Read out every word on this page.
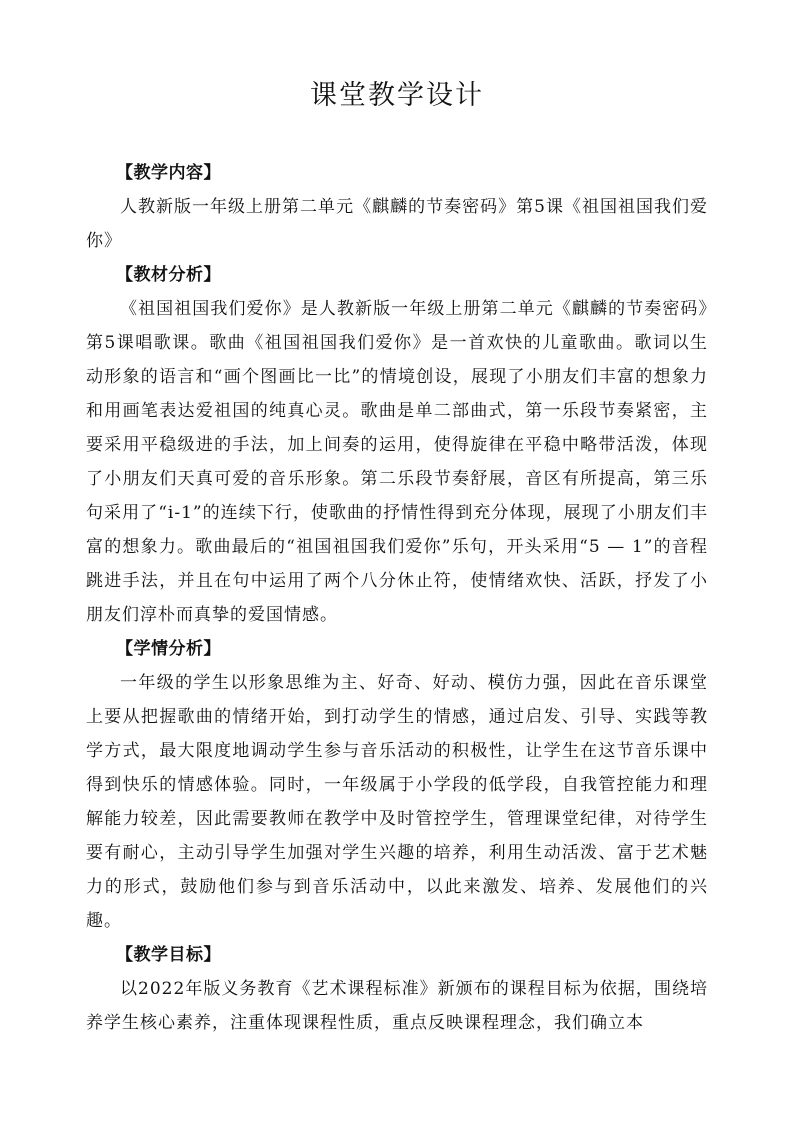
课堂教学设计
【教学内容】

人教新版一年级上册第二单元《麒麟的节奏密码》第5课《祖国祖国我们爱你》

【教材分析】

《祖国祖国我们爱你》是人教新版一年级上册第二单元《麒麟的节奏密码》第5课唱歌课。歌曲《祖国祖国我们爱你》是一首欢快的儿童歌曲。歌词以生动形象的语言和“画个图画比一比”的情境创设，展现了小朋友们丰富的想象力和用画笔表达爱祖国的纯真心灵。歌曲是单二部曲式，第一乐段节奏紧密，主要采用平稳级进的手法，加上间奏的运用，使得旋律在平稳中略带活泼，体现了小朋友们天真可爱的音乐形象。第二乐段节奏舒展，音区有所提高，第三乐句采用了“i-1”的连续下行，使歌曲的抒情性得到充分体现，展现了小朋友们丰富的想象力。歌曲最后的“祖国祖国我们爱你”乐句，开头采用“5 — 1”的音程跳进手法，并且在句中运用了两个八分休止符，使情绪欢快、活跃，抒发了小朋友们淳朴而真挚的爱国情感。

【学情分析】

一年级的学生以形象思维为主、好奇、好动、模仿力强，因此在音乐课堂上要从把握歌曲的情绪开始，到打动学生的情感，通过启发、引导、实践等教学方式，最大限度地调动学生参与音乐活动的积极性，让学生在这节音乐课中得到快乐的情感体验。同时，一年级属于小学段的低学段，自我管控能力和理解能力较差，因此需要教师在教学中及时管控学生，管理课堂纪律，对待学生要有耐心，主动引导学生加强对学生兴趣的培养，利用生动活泼、富于艺术魅力的形式，鼓励他们参与到音乐活动中，以此来激发、培养、发展他们的兴趣。

【教学目标】

以2022年版义务教育《艺术课程标准》新颁布的课程目标为依据，围绕培养学生核心素养，注重体现课程性质，重点反映课程理念，我们确立本
